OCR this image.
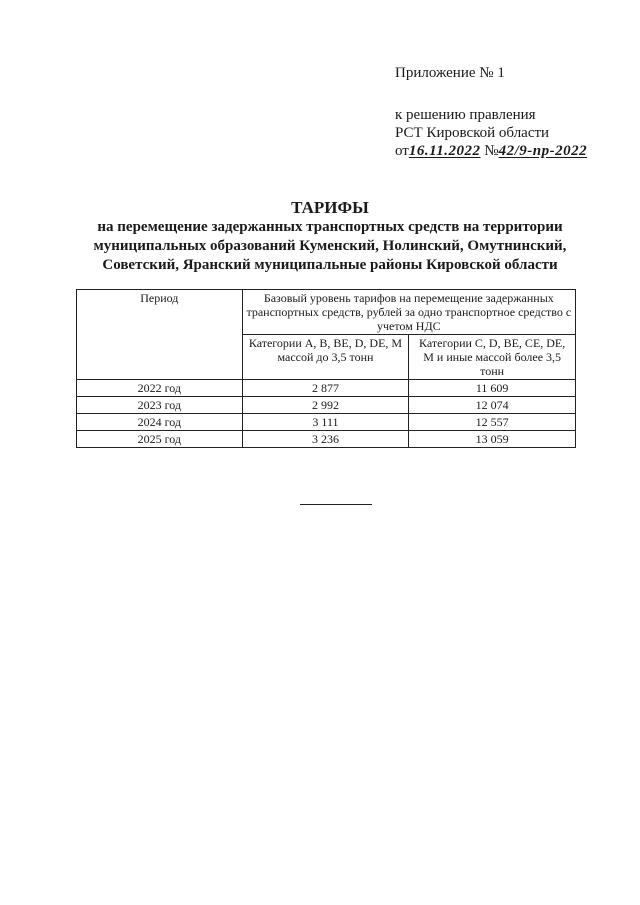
Приложение № 1
к решению правления
РСТ Кировской области
от16.11.2022 №42/9-пр-2022
ТАРИФЫ
на перемещение задержанных транспортных средств на территории
муниципальных образований Куменский, Нолинский, Омутнинский,
Советский, Яранский муниципальные районы Кировской области
Период	Базовый уровень тарифов на перемещение задержанных транспортных средств, рублей за одно транспортное средство с учетом НДС	
	Категории A, B, BE, D, DE, M массой до 3,5 тонн	Категории C, D, BE, CE, DE, M и иные массой более 3,5 тонн
2022 год	2 877	11 609
2023 год	2 992	12 074
2024 год	3 111	12 557
2025 год	3 236	13 059
